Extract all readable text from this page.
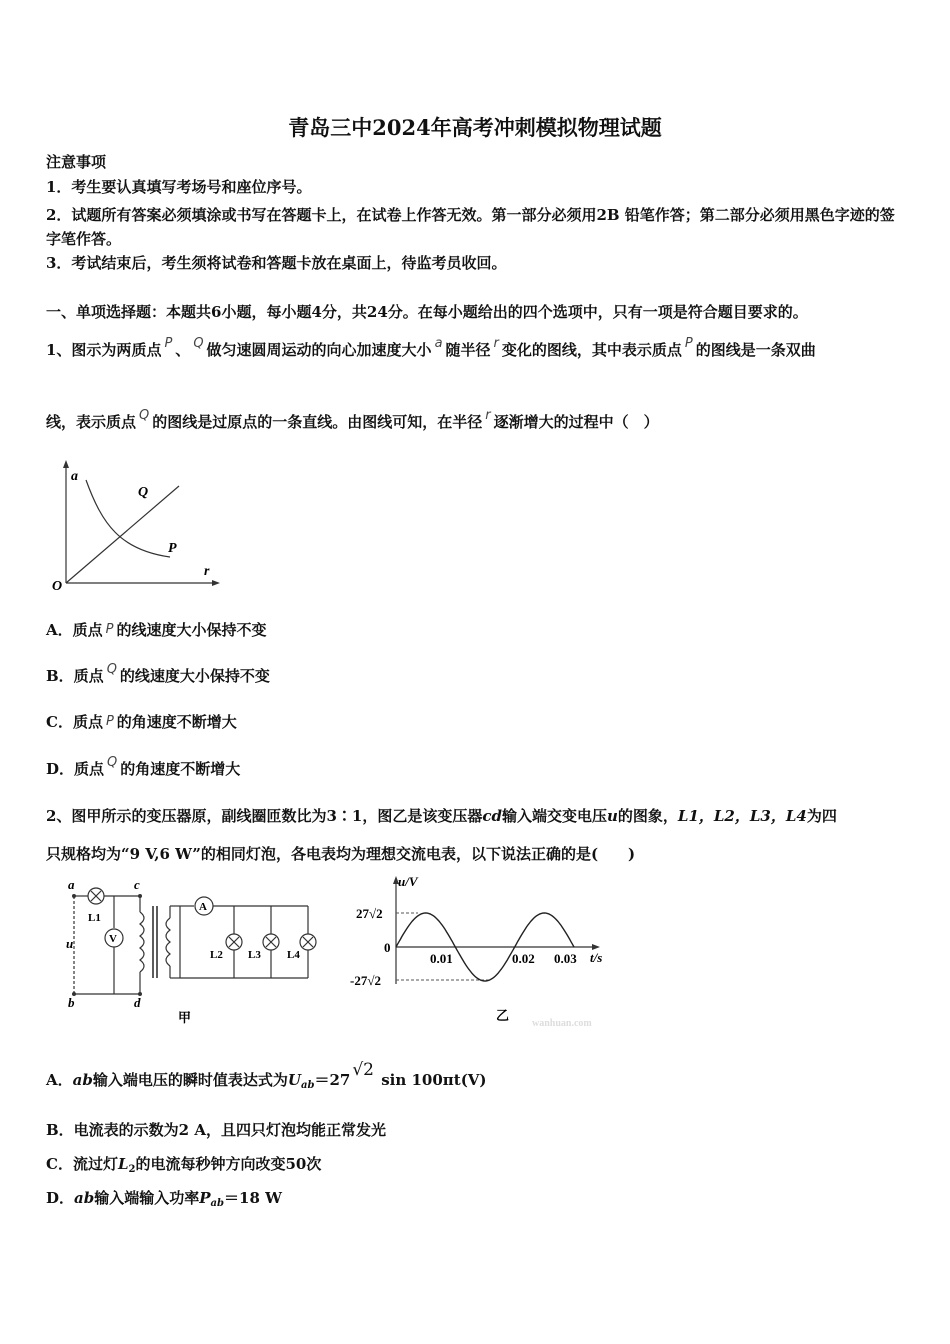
青岛三中2024年高考冲刺模拟物理试题
注意事项
1．考生要认真填写考场号和座位序号。
2．试题所有答案必须填涂或书写在答题卡上，在试卷上作答无效。第一部分必须用2B 铅笔作答；第二部分必须用黑色字迹的签字笔作答。
3．考试结束后，考生须将试卷和答题卡放在桌面上，待监考员收回。
一、单项选择题：本题共6小题，每小题4分，共24分。在每小题给出的四个选项中，只有一项是符合题目要求的。
1、图示为两质点 P 、 Q 做匀速圆周运动的向心加速度大小 a 随半径 r 变化的图线，其中表示质点 P 的图线是一条双曲
线，表示质点 Q 的图线是过原点的一条直线。由图线可知，在半径 r 逐渐增大的过程中（　）
a
r
O
Q
P
A．质点 P 的线速度大小保持不变
B．质点 Q 的线速度大小保持不变
C．质点 P 的角速度不断增大
D．质点 Q 的角速度不断增大
2、图甲所示的变压器原，副线圈匝数比为3∶1，图乙是该变压器cd输入端交变电压u的图象，L1，L2，L3，L4为四
只规格均为“9 V,6 W”的相同灯泡，各电表均为理想交流电表，以下说法正确的是(　　)
a
b
c
d
u
L1
V
A
L2 L3 L4
甲
u/V
t/s
27√2
0
-27√2
0.01	0.02 0.03
乙
wanhuan.com
A．ab输入端电压的瞬时值表达式为$U_{ab}=27$ √2 sin 100πt(V)
B．电流表的示数为2 A，且四只灯泡均能正常发光
C．流过灯$L_2$的电流每秒钟方向改变50次
D．ab输入端输入功率$P_{ab}=18$ W
